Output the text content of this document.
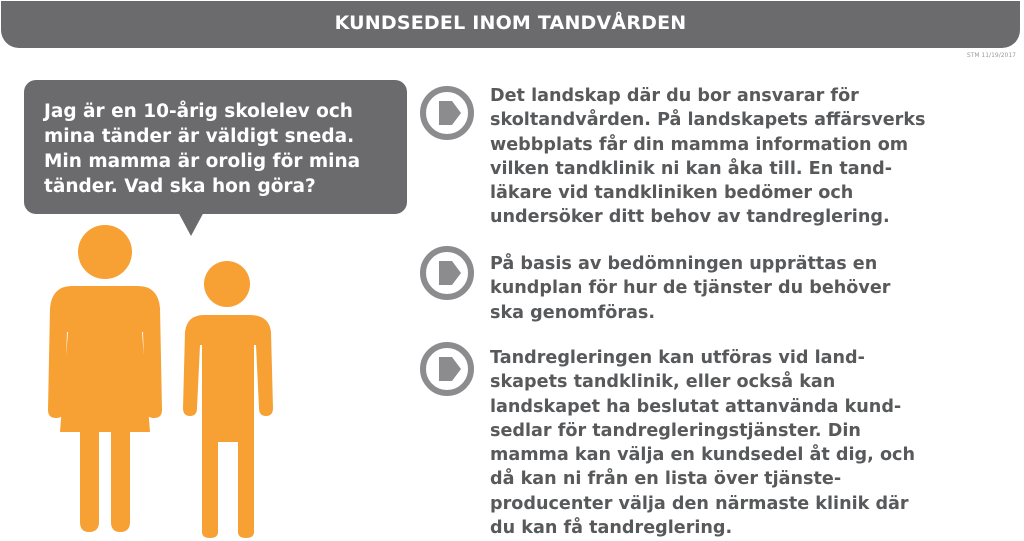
KUNDSEDEL INOM TANDVÅRDEN
STM 11/19/2017
Jag är en 10-årig skolelev och
mina tänder är väldigt sneda.
Min mamma är orolig för mina
tänder. Vad ska hon göra?
Det landskap där du bor ansvarar för
skoltandvården. På landskapets affärsverks
webbplats får din mamma information om
vilken tandklinik ni kan åka till. En tand-
läkare vid tandkliniken bedömer och
undersöker ditt behov av tandreglering.
På basis av bedömningen upprättas en
kundplan för hur de tjänster du behöver
ska genomföras.
Tandregleringen kan utföras vid land-
skapets tandklinik, eller också kan
landskapet ha beslutat attanvända kund-
sedlar för tandregleringstjänster. Din
mamma kan välja en kundsedel åt dig, och
då kan ni från en lista över tjänste-
producenter välja den närmaste klinik där
du kan få tandreglering.
